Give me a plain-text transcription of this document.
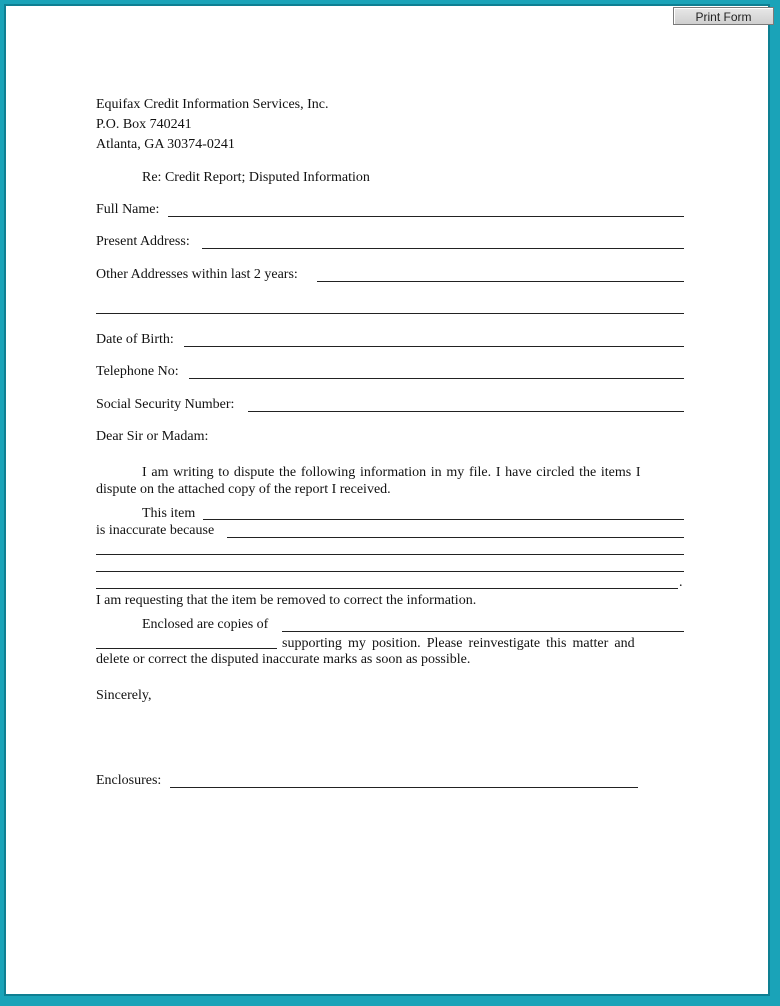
Print Form
Equifax Credit Information Services, Inc.
P.O. Box 740241
Atlanta, GA 30374-0241
Re: Credit Report; Disputed Information
Full Name:
Present Address:
Other Addresses within last 2 years:
Date of Birth:
Telephone No:
Social Security Number:
Dear Sir or Madam:
I am writing to dispute the following information in my file. I have circled the items I
dispute on the attached copy of the report I received.
This item
is inaccurate because
.
I am requesting that the item be removed to correct the information.
Enclosed are copies of
supporting my position. Please reinvestigate this matter and
delete or correct the disputed inaccurate marks as soon as possible.
Sincerely,
Enclosures:
